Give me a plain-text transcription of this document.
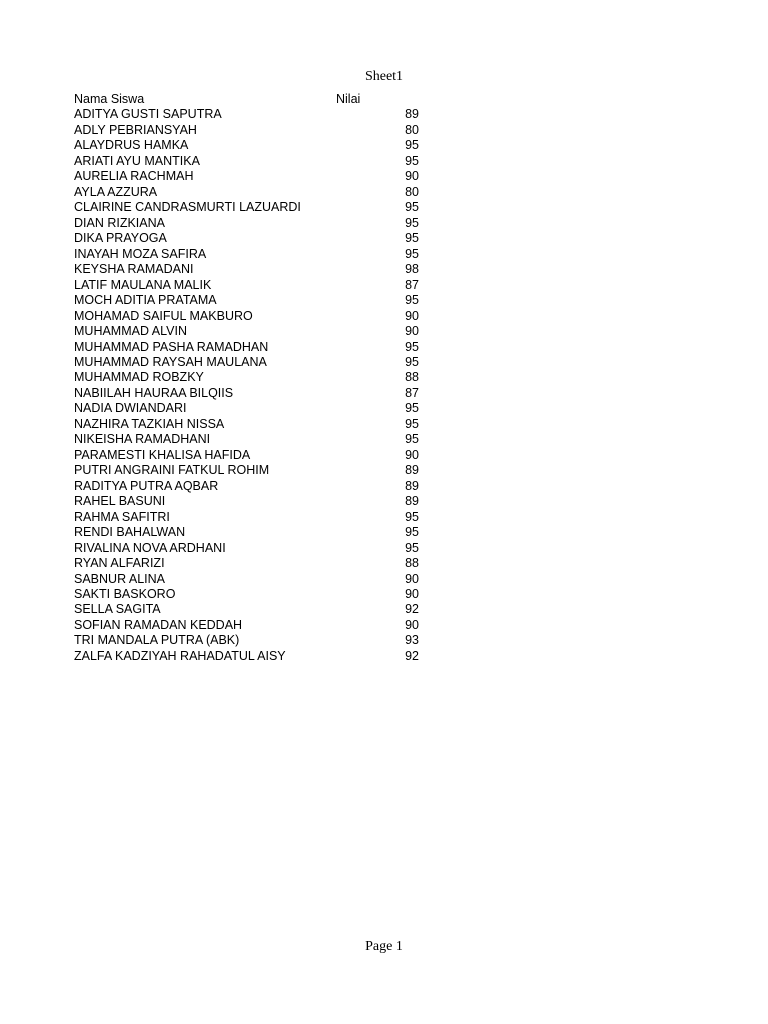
Sheet1
Nama Siswa	Nilai
ADITYA GUSTI SAPUTRA	89
ADLY PEBRIANSYAH	80
ALAYDRUS HAMKA	95
ARIATI AYU MANTIKA	95
AURELIA RACHMAH	90
AYLA AZZURA	80
CLAIRINE CANDRASMURTI LAZUARDI	95
DIAN RIZKIANA	95
DIKA PRAYOGA	95
INAYAH MOZA SAFIRA	95
KEYSHA RAMADANI	98
LATIF MAULANA MALIK	87
MOCH ADITIA PRATAMA	95
MOHAMAD SAIFUL MAKBURO	90
MUHAMMAD ALVIN	90
MUHAMMAD PASHA RAMADHAN	95
MUHAMMAD RAYSAH MAULANA	95
MUHAMMAD ROBZKY	88
NABIILAH HAURAA BILQIIS	87
NADIA DWIANDARI	95
NAZHIRA TAZKIAH NISSA	95
NIKEISHA RAMADHANI	95
PARAMESTI KHALISA HAFIDA	90
PUTRI ANGRAINI FATKUL ROHIM	89
RADITYA PUTRA AQBAR	89
RAHEL BASUNI	89
RAHMA SAFITRI	95
RENDI BAHALWAN	95
RIVALINA NOVA ARDHANI	95
RYAN ALFARIZI	88
SABNUR ALINA	90
SAKTI BASKORO	90
SELLA SAGITA	92
SOFIAN RAMADAN KEDDAH	90
TRI MANDALA PUTRA (ABK)	93
ZALFA KADZIYAH RAHADATUL AISY	92
Page 1
